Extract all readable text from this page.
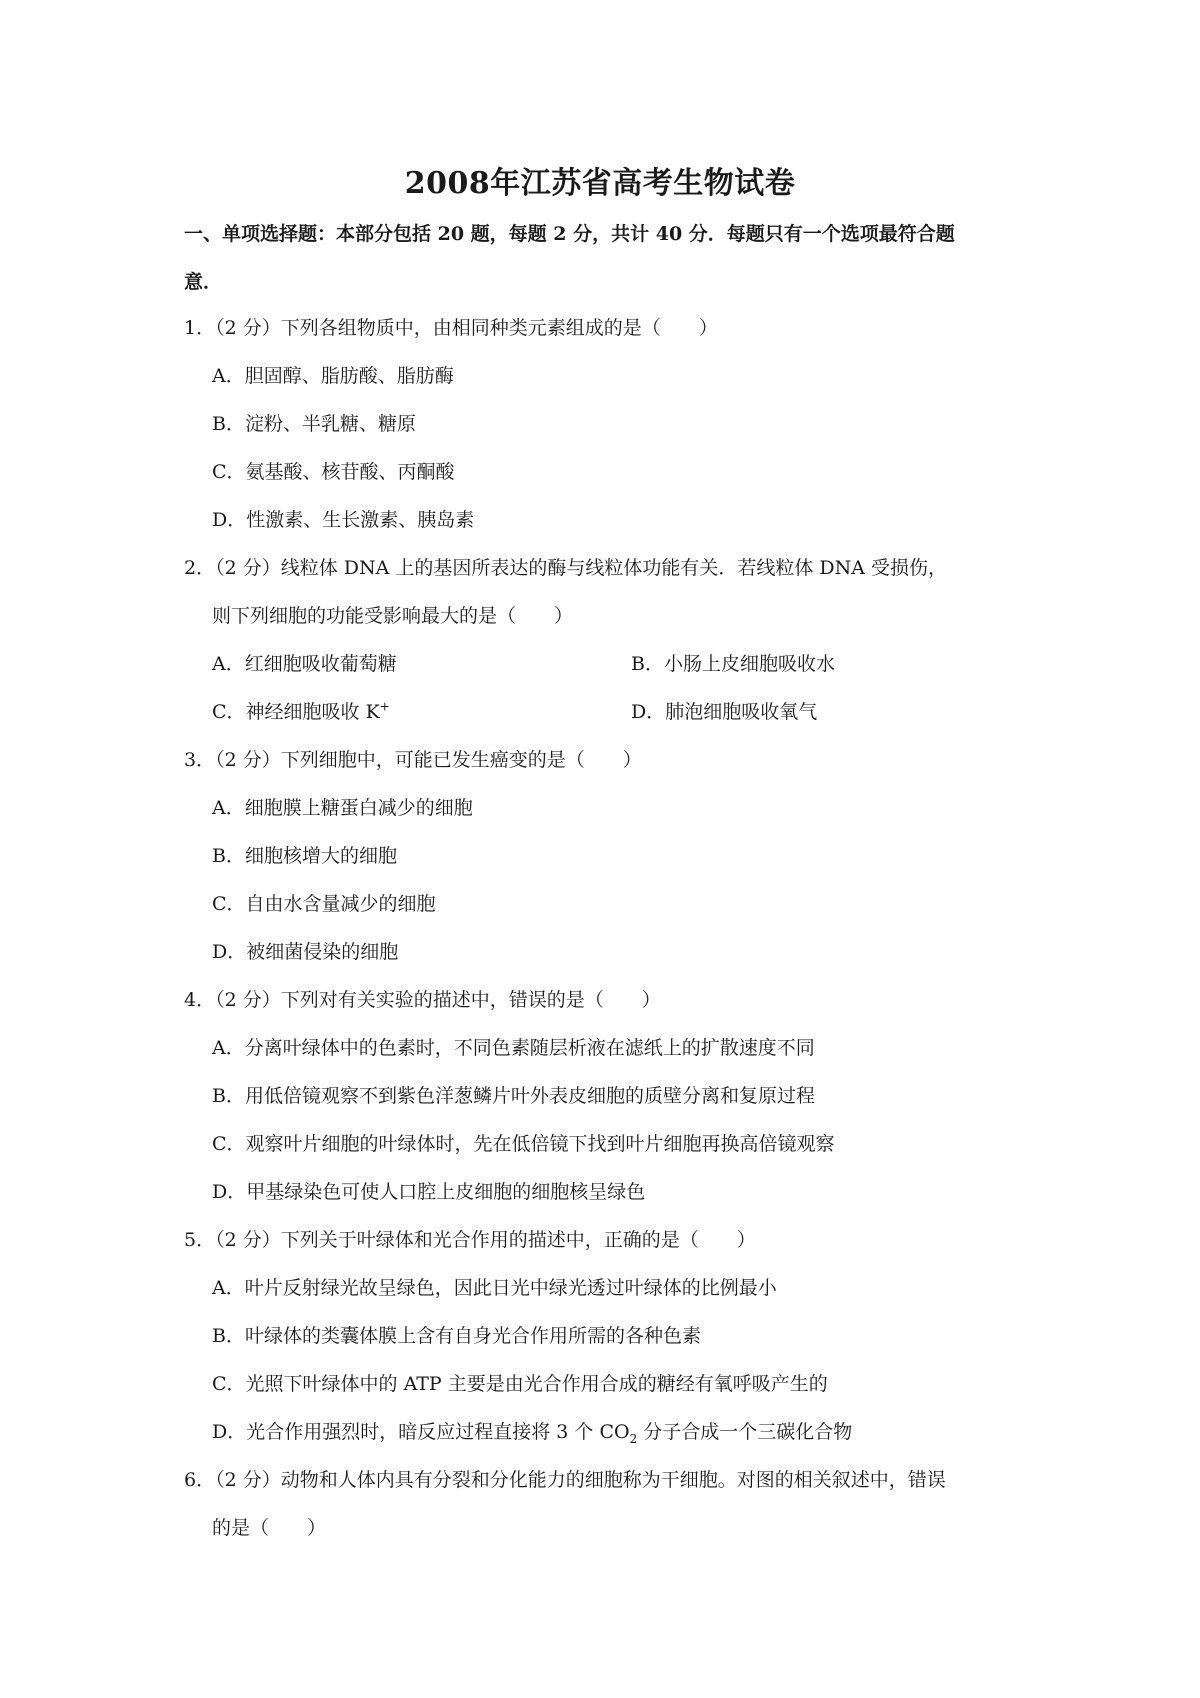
2008年江苏省高考生物试卷
一、单项选择题：本部分包括 20 题，每题 2 分，共计 40 分．每题只有一个选项最符合题
意．
1．（2 分）下列各组物质中，由相同种类元素组成的是（　　）
A．胆固醇、脂肪酸、脂肪酶
B．淀粉、半乳糖、糖原
C．氨基酸、核苷酸、丙酮酸
D．性激素、生长激素、胰岛素
2．（2 分）线粒体 DNA 上的基因所表达的酶与线粒体功能有关．若线粒体 DNA 受损伤，
则下列细胞的功能受影响最大的是（　　）
A．红细胞吸收葡萄糖	B．小肠上皮细胞吸收水
C．神经细胞吸收 K+	D．肺泡细胞吸收氧气
3．（2 分）下列细胞中，可能已发生癌变的是（　　）
A．细胞膜上糖蛋白减少的细胞
B．细胞核增大的细胞
C．自由水含量减少的细胞
D．被细菌侵染的细胞
4．（2 分）下列对有关实验的描述中，错误的是（　　）
A．分离叶绿体中的色素时，不同色素随层析液在滤纸上的扩散速度不同
B．用低倍镜观察不到紫色洋葱鳞片叶外表皮细胞的质壁分离和复原过程
C．观察叶片细胞的叶绿体时，先在低倍镜下找到叶片细胞再换高倍镜观察
D．甲基绿染色可使人口腔上皮细胞的细胞核呈绿色
5．（2 分）下列关于叶绿体和光合作用的描述中，正确的是（　　）
A．叶片反射绿光故呈绿色，因此日光中绿光透过叶绿体的比例最小
B．叶绿体的类囊体膜上含有自身光合作用所需的各种色素
C．光照下叶绿体中的 ATP 主要是由光合作用合成的糖经有氧呼吸产生的
D．光合作用强烈时，暗反应过程直接将 3 个 $CO_2$ 分子合成一个三碳化合物
6．（2 分）动物和人体内具有分裂和分化能力的细胞称为干细胞。对图的相关叙述中，错误
的是（　　）
